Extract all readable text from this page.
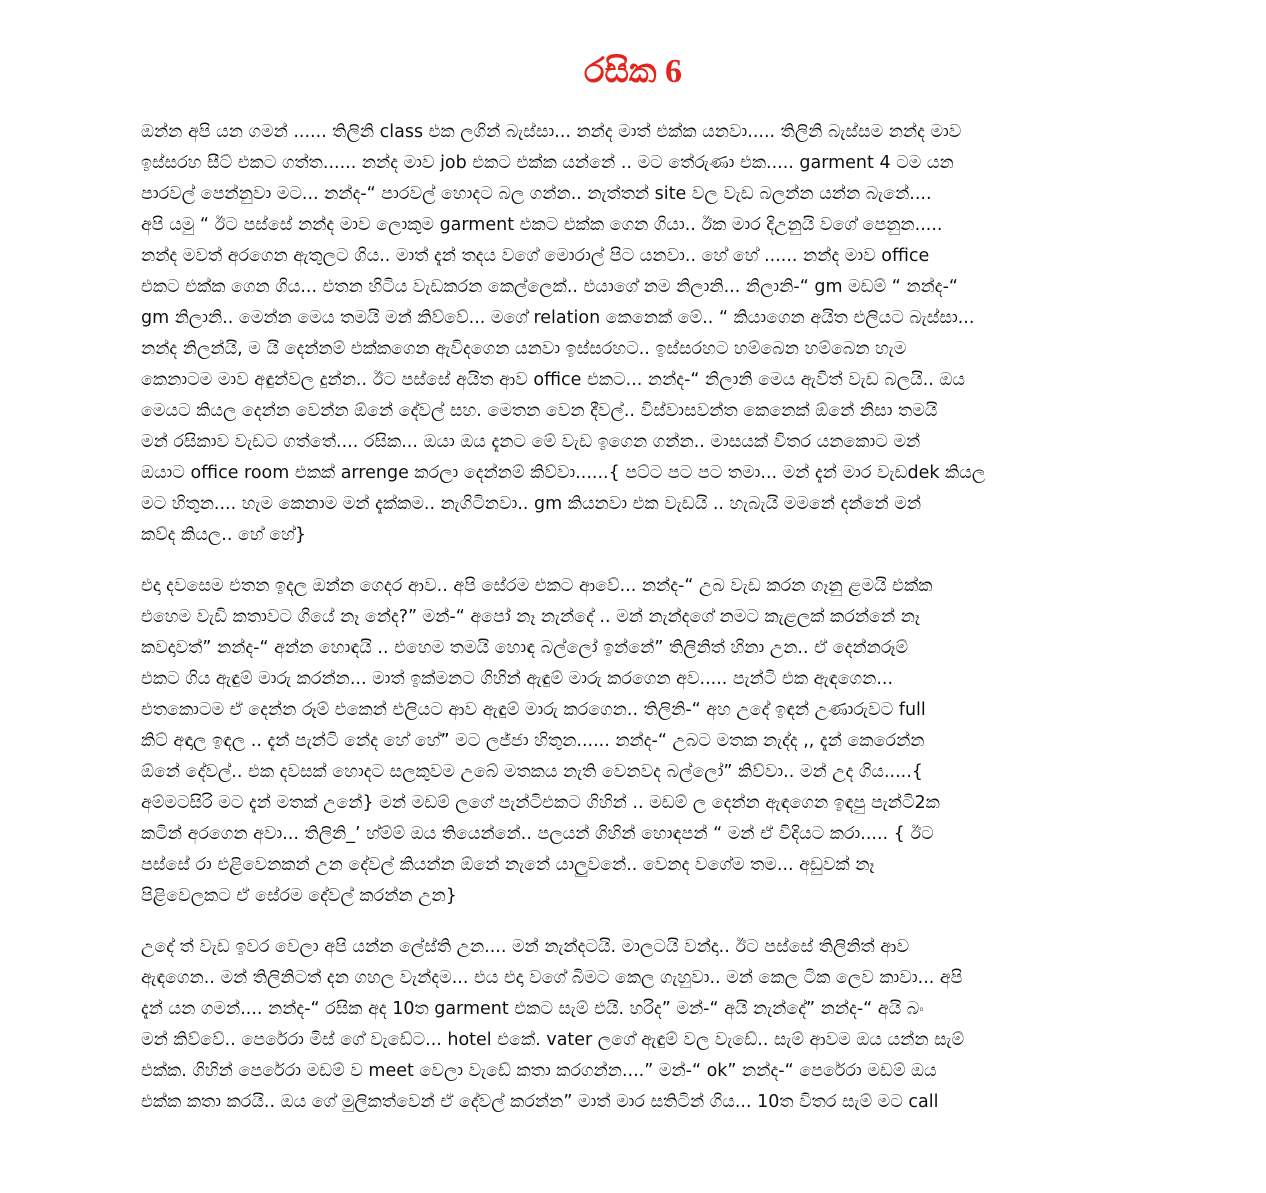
රසික 6
ඔන්න අපි යන ගමන් ...... තිලිනි class එක ලගින් බැස්සා... නන්ද මාත් එක්ක යනවා..... තිලිනි බැස්සම නන්ද මාව
ඉස්සරහ සීට් එකට ගත්ත...... නන්ද මාව job එකට එක්ක යන්නේ .. මට තේරුණා එක..... garment 4 ටම යන
පාරවල් පෙන්නුවා මට... නන්ද-“ පාරවල් හොදට බල ගන්න.. නැත්තන් site වල වැඩ බලන්න යන්න බැනේ....
අපි යමු “ ඊට පස්සේ නන්ද මාව ලොකුම garment එකට එක්ක ගෙන ගියා.. ඊක මාර දිඋනුයි වගේ පෙනුන.....
නන්ද මවත් අරගෙන ඇතුලට ගිය.. මාත් දැන් තදය වගේ මොරාල් පිට යනවා.. හේ හේ ...... නන්ද මාව office
එකට එක්ක ගෙන ගිය... එතන හිටිය වැඩකරන කෙල්ලෙක්.. එයාගේ නම නිලානි... නිලානි-“ gm මඩම් “ නන්ද-“
gm නිලානි.. මෙන්න මෙය තමයි මන් කිව්වේ... මගේ relation කෙනෙක් මේ.. “ කියාගෙන අයිත එලියට බැස්සා...
නන්ද නිලන්යි, ම යි දෙන්නම් එක්කගෙන ඇවිදගෙන යනවා ඉස්සරහට.. ඉස්සරහට හම්බෙන හම්බෙන හැම
කෙනාටම මාව අඳුන්වල දුන්න.. ඊට පස්සේ අයිත ආව office එකට... නන්ද-“ නිලානි මෙය ඇවිත් වැඩ බලයි.. ඔය
මෙයට කියල දෙන්න වෙන්න ඕනේ දේවල් සහ. මෙතන වෙන දීවල්.. විස්වාසවන්ත කෙනෙක් ඕනේ නිසා තමයි
මන් රසිකාව වැඩට ගත්තේ.... රසික... ඔයා ඔය දැනට මේ වැඩ ඉගෙන ගන්න.. මාසයක් විතර යනකොට මන්
ඔයාට office room එකක් arrenge කරලා දෙන්නම් කිව්වා......{ පට්ට පට පට තමා... මන් දැන් මාර වැඩdek කියල
මට හිතුන.... හැම කෙනාම මන් දැක්කම.. නැගිටිනවා.. gm කියනවා එක වැඩයි .. හැබැයි මමනේ දන්නේ මන්
කව්ද කියල.. හේ හේ}
එදා දවසෙම එතන ඉදල ඔන්න ගෙදර ආව.. අපි සේරම එකට ආවේ... නන්ද-“ උබ වැඩ කරන ගෑනු ළමයි එක්ක
එහෙම වැඩි කතාවට ගියේ නෑ නේද?” මන්-“ අපෝ නෑ නැන්දේ .. මන් නැන්දගේ නමට කැළලක් කරන්නේ නෑ
කවදාවත්” නන්ද-“ අන්න හොඳයි .. එහෙම තමයි හොඳ බල්ලෝ ඉන්නේ” තිලිනිත් හිනා උන.. ඒ දෙන්නරූම්
එකට ගිය ඇඳුම් මාරු කරන්න... මාත් ඉක්මනට ගිහින් ඇඳුම් මාරු කරගෙන අව..... පැන්ටි එක ඇඳගෙන...
එතකොටම ඒ දෙන්න රූම් එකෙන් එලියට ආව ඇඳුම් මාරු කරගෙන.. තිලිනි-“ අහ උදේ ඉඳන් උණාරුවට full
කිට් අඳාල ඉඳල .. දැන් පැන්ටි නේද හේ හේ” මට ලජ්ජා හිතුන...... නන්ද-“ උබට මතක නැද්ද ,, දැන් කෙරෙන්න
ඕනේ දේවල්.. එක දවසක් හොදට සලකුවම උබේ මතකය නැති වෙනවද බල්ලෝ” කිව්වා.. මන් උද ගිය.....{
අම්මටසිරි මට දැන් මතක් උනේ} මන් මඩම් ලගේ පැන්ටිඑකට ගිහින් .. මඩම් ල දෙන්න ඇඳගෙන ඉඳපු පැන්ටි2ක
කටින් අරගෙන අවා... තිලිනි_’ හ්ම්ම් ඔය තියෙන්නේ.. පලයන් ගිහින් හොඳපන් “ මන් ඒ විදියට කරා..... { ඊට
පස්සේ රා එළිවෙනකන් උන දේවල් කියන්න ඕනේ නැනේ යාලුවනේ.. වෙනද වගේම තම... අඩුවක් නෑ
පිළිවෙලකට ඒ සේරම දේවල් කරන්න උන}
උදේ ත් වැඩ ඉවර වෙලා අපි යන්න ලේස්ති උන.... මන් නැන්දටයි. මාලටයි වන්දා.. ඊට පස්සේ තිලිනිත් ආව
ඇඳගෙන.. මන් තිලිනිටත් දන ගහල වැන්දම... එය එදා වගේ බිමට කෙල ගැහුවා.. මන් කෙල ටික ලෙව කාවා... අපි
දැන් යන ගමන්.... නන්ද-“ රසික අද 10ත garment එකට සැම් එයි. හරිද” මන්-“ අයි නැන්දේ” නන්ද-“ අයි බං
මන් කිව්වේ.. පෙරේරා මිස් ගේ වැඩේට... hotel එකේ. vater ලගේ ඇඳුම් වල වැඩේ.. සැම් ආවම ඔය යන්න සැම්
එක්ක. ගිහින් පෙරේරා මඩම් ව meet වෙලා වැඩේ කතා කරගන්න....” මන්-“ ok” නන්ද-“ පෙරේරා මඩම් ඔය
එක්ක කතා කරයි.. ඔය ගේ මුලිකත්වෙන් ඒ දේවල් කරන්න” මාත් මාර සතිටින් ගිය... 10ත විතර සැම් මට call
